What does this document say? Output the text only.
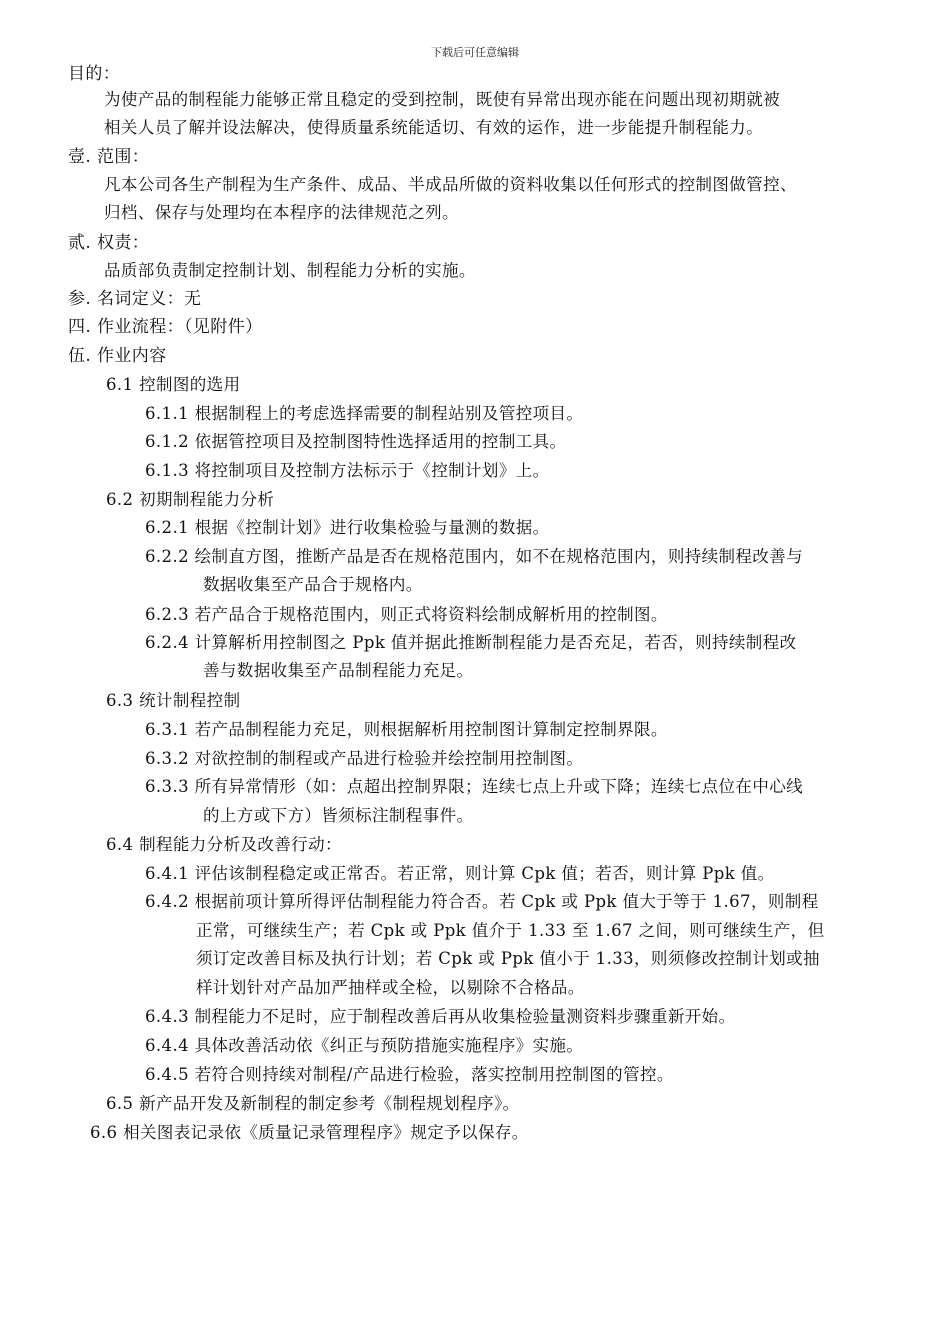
下载后可任意编辑
目的：
为使产品的制程能力能够正常且稳定的受到控制，既使有异常出现亦能在问题出现初期就被
相关人员了解并设法解决，使得质量系统能适切、有效的运作，进一步能提升制程能力。
壹. 范围：
凡本公司各生产制程为生产条件、成品、半成品所做的资料收集以任何形式的控制图做管控、
归档、保存与处理均在本程序的法律规范之列。
贰. 权责：
品质部负责制定控制计划、制程能力分析的实施。
参. 名词定义：无
四. 作业流程：（见附件）
伍. 作业内容
6.1 控制图的选用
6.1.1 根据制程上的考虑选择需要的制程站别及管控项目。
6.1.2 依据管控项目及控制图特性选择适用的控制工具。
6.1.3 将控制项目及控制方法标示于《控制计划》上。
6.2 初期制程能力分析
6.2.1 根据《控制计划》进行收集检验与量测的数据。
6.2.2 绘制直方图，推断产品是否在规格范围内，如不在规格范围内，则持续制程改善与
数据收集至产品合于规格内。
6.2.3 若产品合于规格范围内，则正式将资料绘制成解析用的控制图。
6.2.4 计算解析用控制图之 Ppk 值并据此推断制程能力是否充足，若否，则持续制程改
善与数据收集至产品制程能力充足。
6.3 统计制程控制
6.3.1 若产品制程能力充足，则根据解析用控制图计算制定控制界限。
6.3.2 对欲控制的制程或产品进行检验并绘控制用控制图。
6.3.3 所有异常情形（如：点超出控制界限；连续七点上升或下降；连续七点位在中心线
的上方或下方）皆须标注制程事件。
6.4 制程能力分析及改善行动：
6.4.1 评估该制程稳定或正常否。若正常，则计算 Cpk 值；若否，则计算 Ppk 值。
6.4.2 根据前项计算所得评估制程能力符合否。若 Cpk 或 Ppk 值大于等于 1.67，则制程
正常，可继续生产；若 Cpk 或 Ppk 值介于 1.33 至 1.67 之间，则可继续生产，但
须订定改善目标及执行计划；若 Cpk 或 Ppk 值小于 1.33，则须修改控制计划或抽
样计划针对产品加严抽样或全检，以剔除不合格品。
6.4.3 制程能力不足时，应于制程改善后再从收集检验量测资料步骤重新开始。
6.4.4 具体改善活动依《纠正与预防措施实施程序》实施。
6.4.5 若符合则持续对制程/产品进行检验，落实控制用控制图的管控。
6.5 新产品开发及新制程的制定参考《制程规划程序》。
6.6 相关图表记录依《质量记录管理程序》规定予以保存。
